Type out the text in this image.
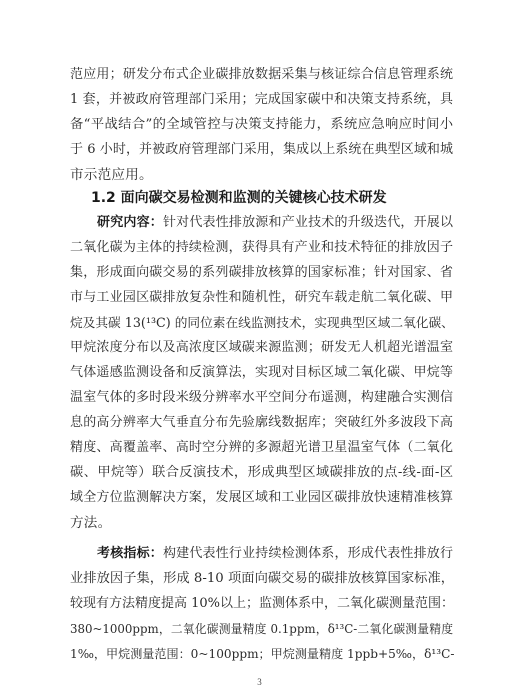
范应用；研发分布式企业碳排放数据采集与核证综合信息管理系统
1 套，并被政府管理部门采用；完成国家碳中和决策支持系统，具
备“平战结合”的全域管控与决策支持能力，系统应急响应时间小
于 6 小时，并被政府管理部门采用，集成以上系统在典型区域和城
市示范应用。
1.2 面向碳交易检测和监测的关键核心技术研发
研究内容：针对代表性排放源和产业技术的升级迭代，开展以
二氧化碳为主体的持续检测，获得具有产业和技术特征的排放因子
集，形成面向碳交易的系列碳排放核算的国家标准；针对国家、省
市与工业园区碳排放复杂性和随机性，研究车载走航二氧化碳、甲
烷及其碳 13(¹³C) 的同位素在线监测技术，实现典型区域二氧化碳、
甲烷浓度分布以及高浓度区域碳来源监测；研发无人机超光谱温室
气体遥感监测设备和反演算法，实现对目标区域二氧化碳、甲烷等
温室气体的多时段米级分辨率水平空间分布遥测，构建融合实测信
息的高分辨率大气垂直分布先验廓线数据库；突破红外多波段下高
精度、高覆盖率、高时空分辨的多源超光谱卫星温室气体（二氧化
碳、甲烷等）联合反演技术，形成典型区域碳排放的点-线-面-区
域全方位监测解决方案，发展区域和工业园区碳排放快速精准核算
方法。
考核指标：构建代表性行业持续检测体系，形成代表性排放行
业排放因子集，形成 8-10 项面向碳交易的碳排放核算国家标准，
较现有方法精度提高 10%以上；监测体系中，二氧化碳测量范围：
380~1000ppm，二氧化碳测量精度 0.1ppm，δ¹³C-二氧化碳测量精度
1‰，甲烷测量范围：0~100ppm；甲烷测量精度 1ppb+5‰，δ¹³C-
3
